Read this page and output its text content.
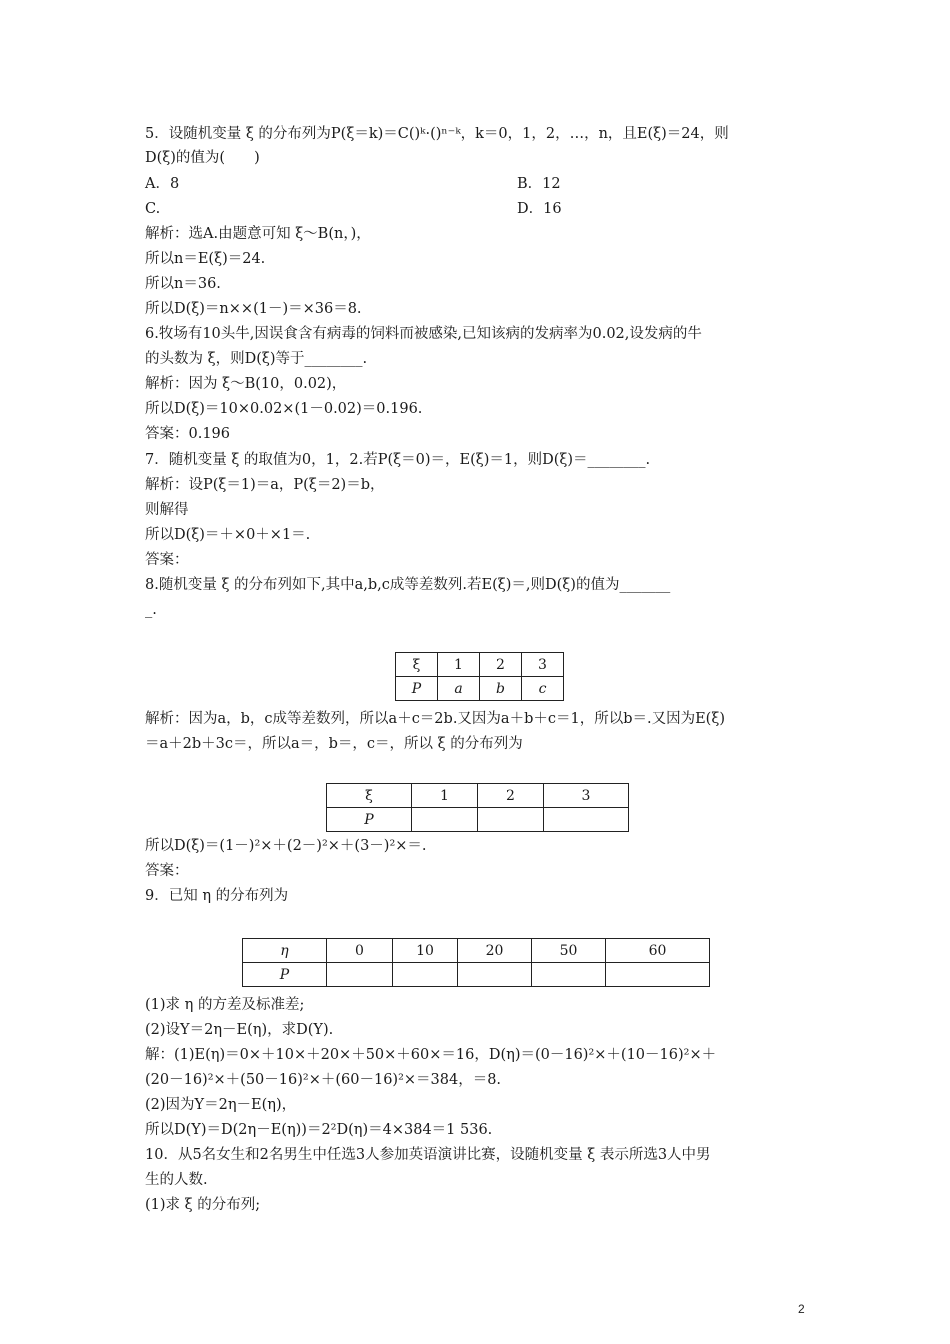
5．设随机变量 ξ 的分布列为P(ξ＝k)＝C()ᵏ·()ⁿ⁻ᵏ，k＝0，1，2，…，n，且E(ξ)＝24，则
D(ξ)的值为(　　)
A．8	B．12
C.	D．16
解析：选A.由题意可知 ξ～B(n，)，
所以n＝E(ξ)＝24.
所以n＝36.
所以D(ξ)＝n××(1－)＝×36＝8.
6.牧场有10头牛,因误食含有病毒的饲料而被感染,已知该病的发病率为0.02,设发病的牛
的头数为 ξ，则D(ξ)等于________.
解析：因为 ξ～B(10，0.02)，
所以D(ξ)＝10×0.02×(1－0.02)＝0.196.
答案：0.196
7．随机变量 ξ 的取值为0，1，2.若P(ξ＝0)＝，E(ξ)＝1，则D(ξ)＝________.
解析：设P(ξ＝1)＝a，P(ξ＝2)＝b，
则解得
所以D(ξ)＝＋×0＋×1＝.
答案：
8.随机变量 ξ 的分布列如下,其中a,b,c成等差数列.若E(ξ)＝,则D(ξ)的值为_______
_.
ξ	1	2	3
P	a	b	c
解析：因为a，b，c成等差数列，所以a＋c＝2b.又因为a＋b＋c＝1，所以b＝.又因为E(ξ)
＝a＋2b＋3c＝，所以a＝，b＝，c＝，所以 ξ 的分布列为
ξ	1	2	3
P			
所以D(ξ)＝(1－)²×＋(2－)²×＋(3－)²×＝.
答案：
9．已知 η 的分布列为
η	0	10	20	50	60
P					
(1)求 η 的方差及标准差;
(2)设Y＝2η－E(η)，求D(Y).
解：(1)E(η)＝0×＋10×＋20×＋50×＋60×＝16，D(η)＝(0－16)²×＋(10－16)²×＋
(20－16)²×＋(50－16)²×＋(60－16)²×＝384，＝8.
(2)因为Y＝2η－E(η)，
所以D(Y)＝D(2η－E(η))＝2²D(η)＝4×384＝1 536.
10．从5名女生和2名男生中任选3人参加英语演讲比赛，设随机变量 ξ 表示所选3人中男
生的人数.
(1)求 ξ 的分布列;
2
